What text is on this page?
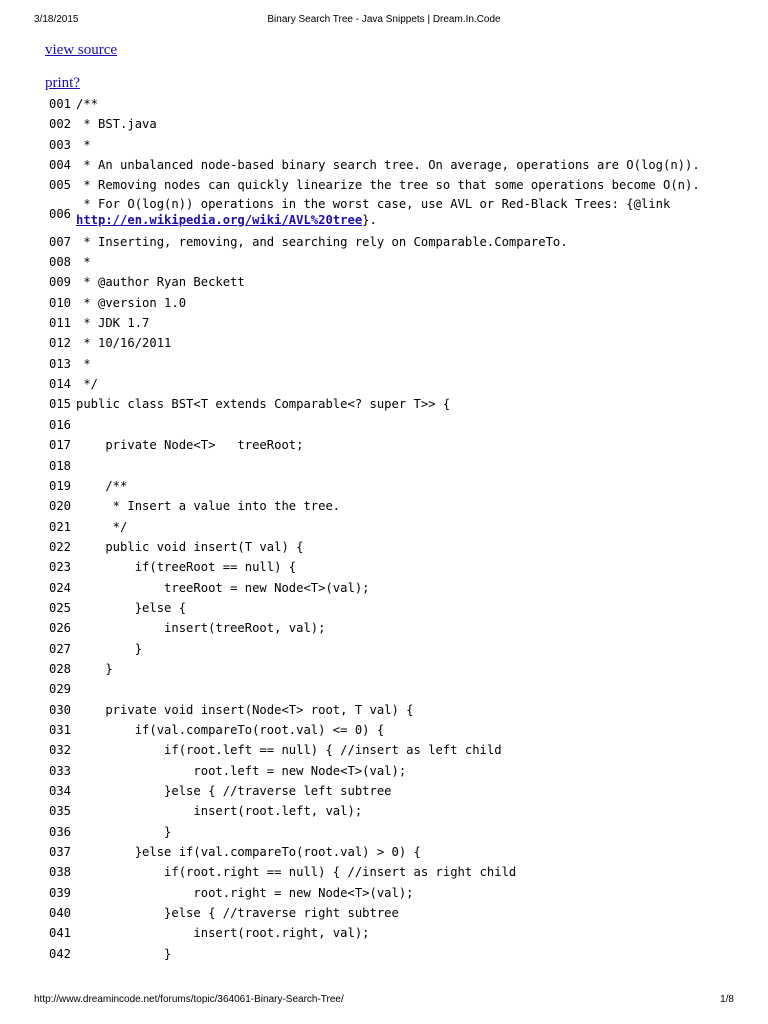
3/18/2015	Binary Search Tree - Java Snippets | Dream.In.Code
view source
print?
001 /**
002 * BST.java
003 *
004 * An unbalanced node-based binary search tree. On average, operations are O(log(n)).
005 * Removing nodes can quickly linearize the tree so that some operations become O(n).
006
* For O(log(n)) operations in the worst case, use AVL or Red-Black Trees: {@link
http://en.wikipedia.org/wiki/AVL%20tree}.
007 * Inserting, removing, and searching rely on Comparable.CompareTo.
008 *
009 * @author Ryan Beckett
010 * @version 1.0
011 * JDK 1.7
012 * 10/16/2011
013 *
014 */
015 public class BST<T extends Comparable<? super T>> {
016
017    private Node<T>   treeRoot;
018
019    /**
020     * Insert a value into the tree.
021     */
022    public void insert(T val) {
023        if(treeRoot == null) {
024            treeRoot = new Node<T>(val);
025        }else {
026            insert(treeRoot, val);
027        }
028    }
029
030    private void insert(Node<T> root, T val) {
031        if(val.compareTo(root.val) <= 0) {
032            if(root.left == null) { //insert as left child
033                root.left = new Node<T>(val);
034            }else { //traverse left subtree
035                insert(root.left, val);
036            }
037        }else if(val.compareTo(root.val) > 0) {
038            if(root.right == null) { //insert as right child
039                root.right = new Node<T>(val);
040            }else { //traverse right subtree
041                insert(root.right, val);
042            }
http://www.dreamincode.net/forums/topic/364061-Binary-Search-Tree/	1/8
